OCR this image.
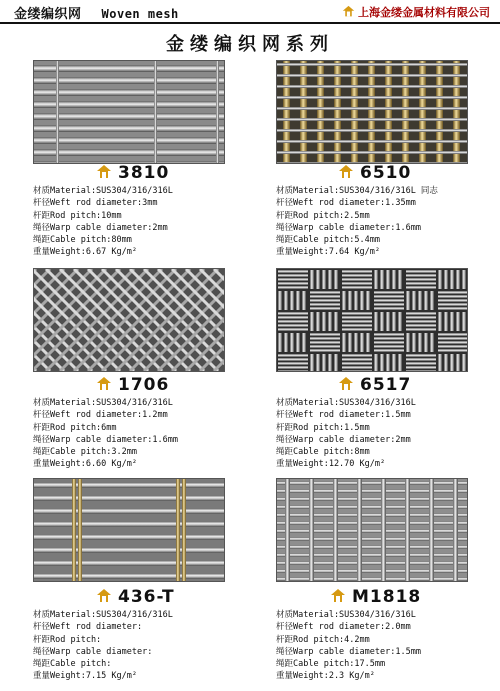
金缕编织网 Woven mesh	上海金缕金属材料有限公司
金缕编织网系列
3810
材质Material:SUS304/316/316L
杆径Weft rod diameter:3mm
杆距Rod pitch:10mm
绳径Warp cable diameter:2mm
绳距Cable pitch:80mm
重量Weight:6.67 Kg/m²
6510
材质Material:SUS304/316/316L 同志
杆径Weft rod diameter:1.35mm
杆距Rod pitch:2.5mm
绳径Warp cable diameter:1.6mm
绳距Cable pitch:5.4mm
重量Weight:7.64 Kg/m²
1706
材质Material:SUS304/316/316L
杆径Weft rod diameter:1.2mm
杆距Rod pitch:6mm
绳径Warp cable diameter:1.6mm
绳距Cable pitch:3.2mm
重量Weight:6.60 Kg/m²
6517
材质Material:SUS304/316/316L
杆径Weft rod diameter:1.5mm
杆距Rod pitch:1.5mm
绳径Warp cable diameter:2mm
绳距Cable pitch:8mm
重量Weight:12.70 Kg/m²
436-T
材质Material:SUS304/316/316L
杆径Weft rod diameter:
杆距Rod pitch:
绳径Warp cable diameter:
绳距Cable pitch:
重量Weight:7.15 Kg/m²
M1818
材质Material:SUS304/316/316L
杆径Weft rod diameter:2.0mm
杆距Rod pitch:4.2mm
绳径Warp cable diameter:1.5mm
绳距Cable pitch:17.5mm
重量Weight:2.3 Kg/m²
